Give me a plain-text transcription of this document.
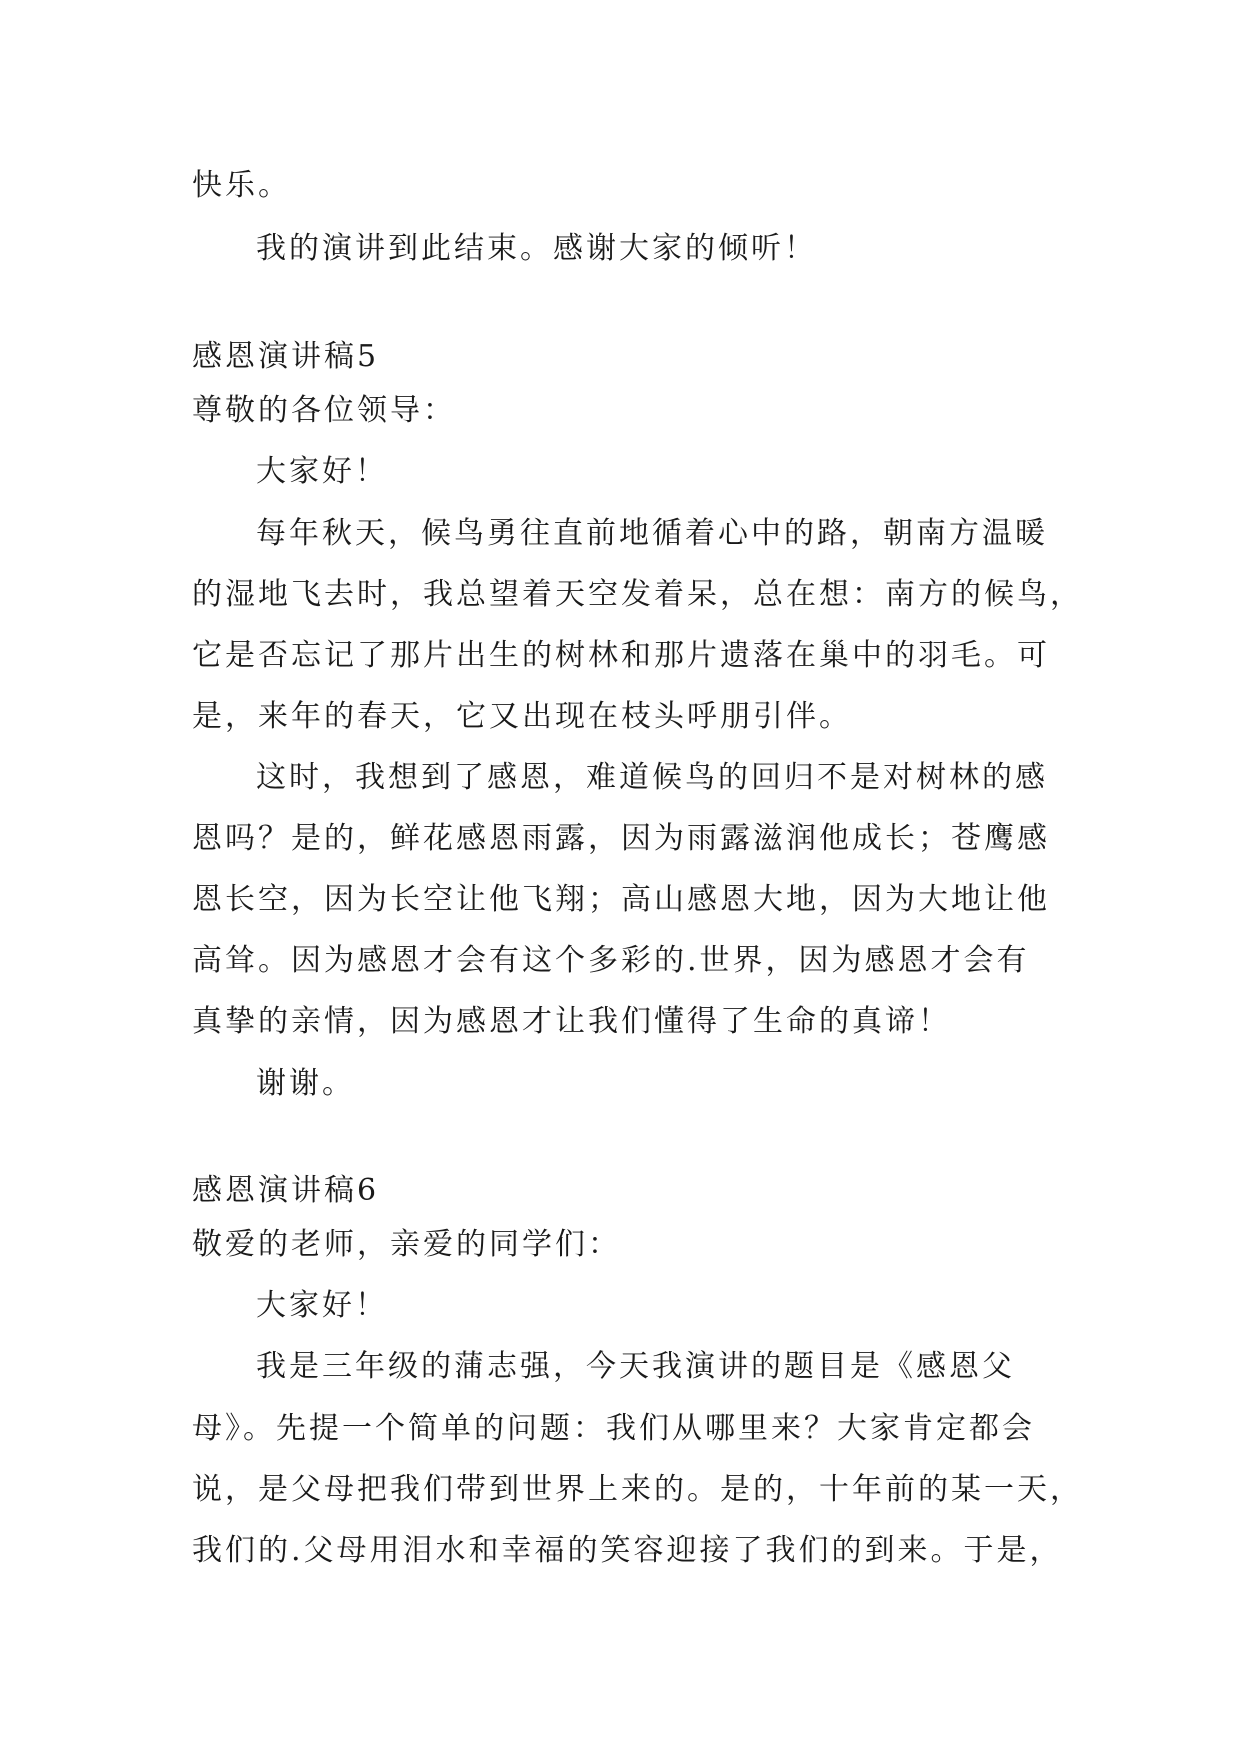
快乐。
我的演讲到此结束。感谢大家的倾听！
感恩演讲稿5
尊敬的各位领导：
大家好！
每年秋天，候鸟勇往直前地循着心中的路，朝南方温暖
的湿地飞去时，我总望着天空发着呆，总在想：南方的候鸟，
它是否忘记了那片出生的树林和那片遗落在巢中的羽毛。可
是，来年的春天，它又出现在枝头呼朋引伴。
这时，我想到了感恩，难道候鸟的回归不是对树林的感
恩吗？是的，鲜花感恩雨露，因为雨露滋润他成长；苍鹰感
恩长空，因为长空让他飞翔；高山感恩大地，因为大地让他
高耸。因为感恩才会有这个多彩的.世界，因为感恩才会有
真挚的亲情，因为感恩才让我们懂得了生命的真谛！
谢谢。
感恩演讲稿6
敬爱的老师，亲爱的同学们：
大家好！
我是三年级的蒲志强，今天我演讲的题目是《感恩父
母》。先提一个简单的问题：我们从哪里来？大家肯定都会
说，是父母把我们带到世界上来的。是的，十年前的某一天，
我们的.父母用泪水和幸福的笑容迎接了我们的到来。于是，
